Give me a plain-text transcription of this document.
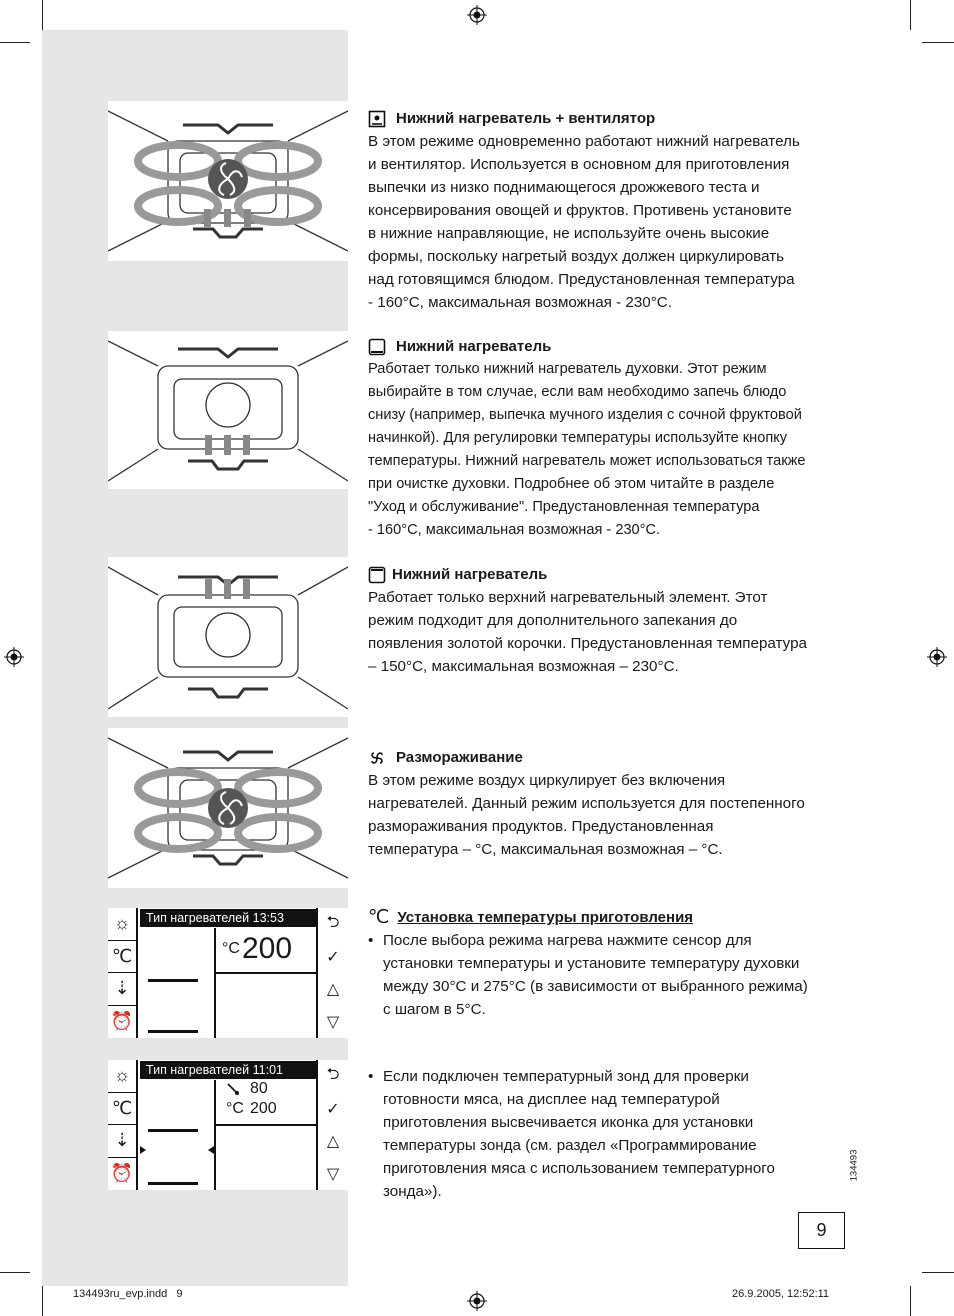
Нижний нагреватель + вентилятор
В этом режиме одновременно работают нижний нагреватель
и вентилятор. Используется в основном для приготовления
выпечки из низко поднимающегося дрожжевого теста и
консервирования овощей и фруктов. Противень установите
в нижние направляющие, не используйте очень высокие
формы, поскольку нагретый воздух должен циркулировать
над готовящимся блюдом. Предустановленная температура
- 160°C, максимальная возможная - 230°C.
Нижний нагреватель
Работает только нижний нагреватель духовки. Этот режим
выбирайте в том случае, если вам необходимо запечь блюдо
снизу (например, выпечка мучного изделия с сочной фруктовой
начинкой). Для регулировки температуры используйте кнопку
температуры. Нижний нагреватель может использоваться также
при очистке духовки. Подробнее об этом читайте в разделе
"Уход и обслуживание". Предустановленная температура
- 160°C, максимальная возможная - 230°C.
Нижний нагреватель
Работает только верхний нагревательный элемент. Этот
режим подходит для дополнительного запекания до
появления золотой корочки. Предустановленная температура
– 150°C, максимальная возможная – 230°C.
Размораживание
В этом режиме воздух циркулирует без включения
нагревателей. Данный режим используется для постепенного
размораживания продуктов. Предустановленная
температура – °C, максимальная возможная – °C.
℃ Установка температуры приготовления
• После выбора режима нагрева нажмите сенсор для
установки температуры и установите температуру духовки
между 30°C и 275°C (в зависимости от выбранного режима)
с шагом в 5°C.
• Если подключен температурный зонд для проверки
готовности мяса, на дисплее над температурой
приготовления высвечивается иконка для установки
температуры зонда (см. раздел «Программирование
приготовления мяса с использованием температурного
зонда»).
☼
℃
⇣
⏰
Тип нагревателей 13:53
°C 200
⮌
✓
△
▽
☼
℃
⇣
⏰
Тип нагревателей 11:01
80
°C 200
⮌
✓
△
▽	134493
9
134493ru_evp.indd   9	26.9.2005, 12:52:11
